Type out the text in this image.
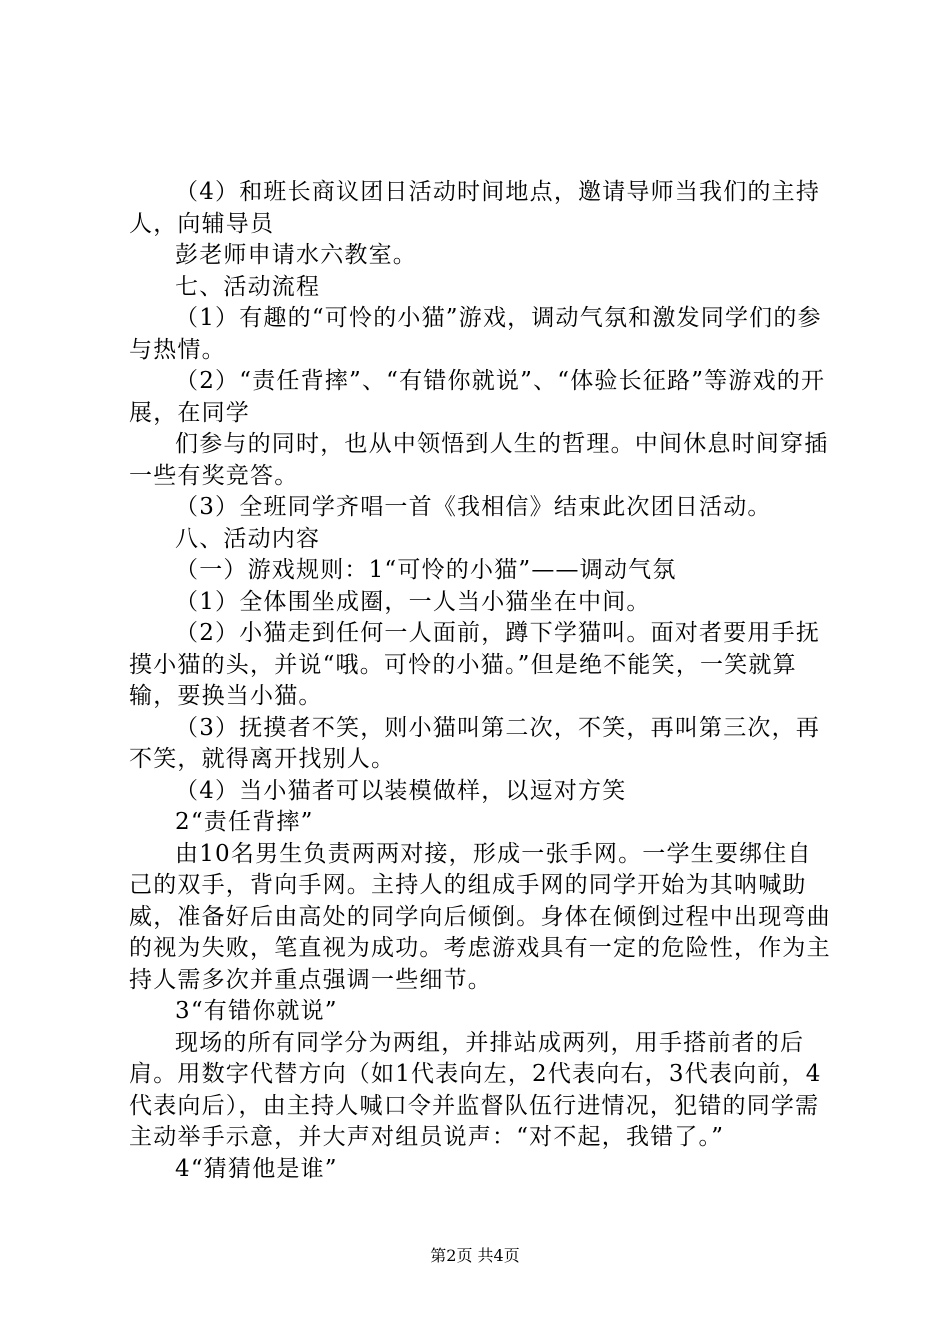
（4）和班长商议团日活动时间地点，邀请导师当我们的主持人，向辅导员

彭老师申请水六教室。

七、活动流程

（1）有趣的“可怜的小猫”游戏，调动气氛和激发同学们的参与热情。

（2）“责任背摔”、“有错你就说”、“体验长征路”等游戏的开展，在同学

们参与的同时，也从中领悟到人生的哲理。中间休息时间穿插一些有奖竞答。

（3）全班同学齐唱一首《我相信》结束此次团日活动。

八、活动内容

（一）游戏规则：1“可怜的小猫”——调动气氛

（1）全体围坐成圈，一人当小猫坐在中间。

（2）小猫走到任何一人面前，蹲下学猫叫。面对者要用手抚摸小猫的头，并说“哦。可怜的小猫。”但是绝不能笑，一笑就算输，要换当小猫。

（3）抚摸者不笑，则小猫叫第二次，不笑，再叫第三次，再不笑，就得离开找别人。

（4）当小猫者可以装模做样，以逗对方笑

2“责任背摔”

由10名男生负责两两对接，形成一张手网。一学生要绑住自己的双手，背向手网。主持人的组成手网的同学开始为其呐喊助威，准备好后由高处的同学向后倾倒。身体在倾倒过程中出现弯曲的视为失败，笔直视为成功。考虑游戏具有一定的危险性，作为主持人需多次并重点强调一些细节。

3“有错你就说”

现场的所有同学分为两组，并排站成两列，用手搭前者的后肩。用数字代替方向（如1代表向左，2代表向右，3代表向前，4代表向后），由主持人喊口令并监督队伍行进情况，犯错的同学需主动举手示意，并大声对组员说声：“对不起，我错了。”

4“猜猜他是谁”

第2页 共4页
